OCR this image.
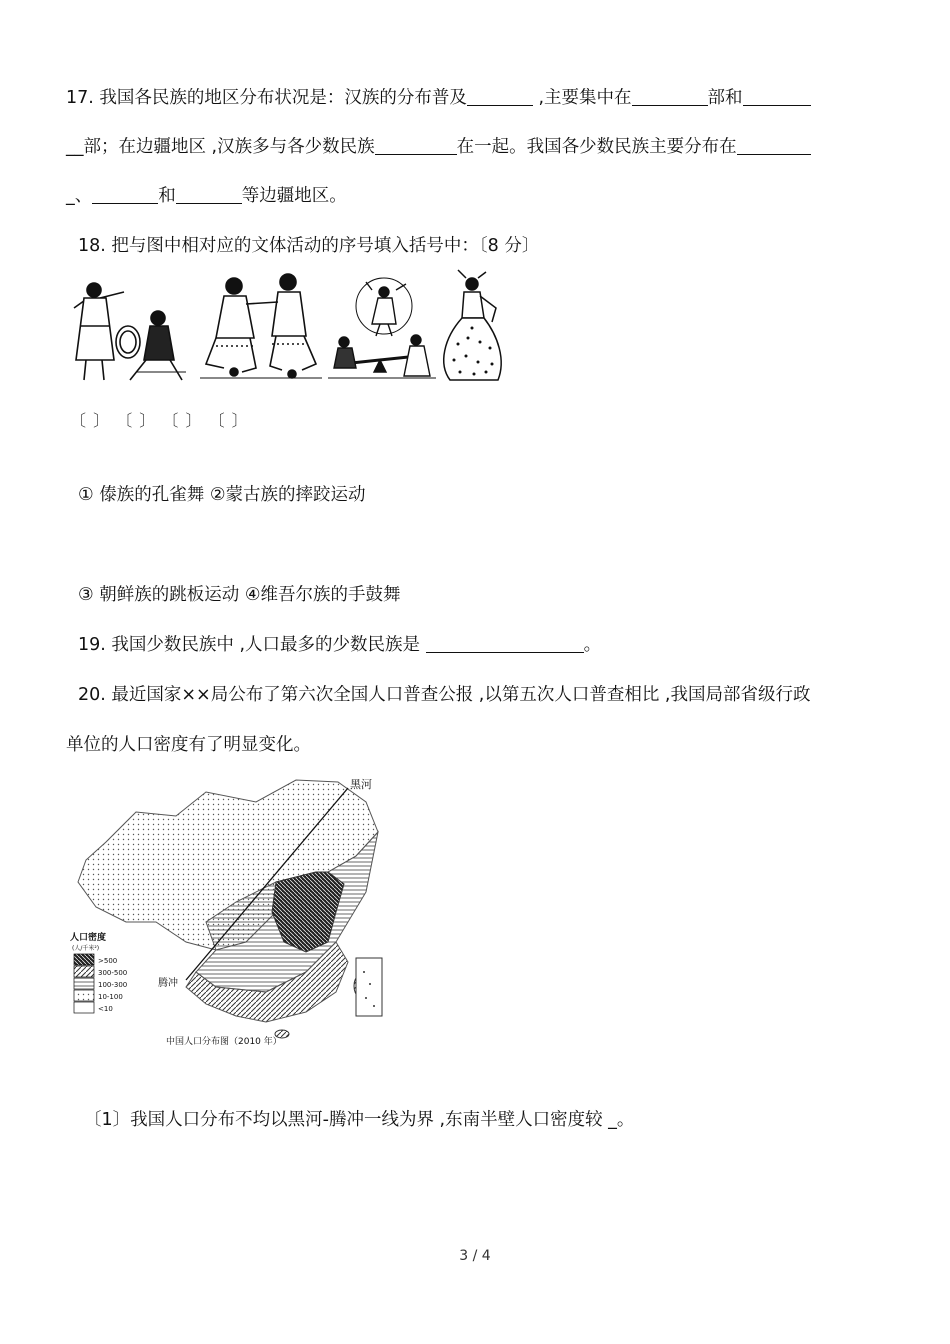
17. 我国各民族的地区分布状况是：汉族的分布普及	,主要集中在	部和
__部；在边疆地区 ,汉族多与各少数民族	在一起。我国各少数民族主要分布在
_、	和	等边疆地区。
18. 把与图中相对应的文体活动的序号填入括号中：〔8 分〕
〔 〕 〔 〕 〔 〕 〔 〕
① 傣族的孔雀舞 ②蒙古族的摔跤运动
③ 朝鲜族的跳板运动 ④维吾尔族的手鼓舞
19. 我国少数民族中 ,人口最多的少数民族是	。
20. 最近国家××局公布了第六次全国人口普查公报 ,以第五次人口普查相比 ,我国局部省级行政
单位的人口密度有了明显变化。
黑河
腾冲
人口密度
(人/千米²)
>500
300-500
100-300
10-100
<10
中国人口分布图（2010 年）
〔1〕我国人口分布不均以黑河-腾冲一线为界 ,东南半壁人口密度较 _。
3 / 4
